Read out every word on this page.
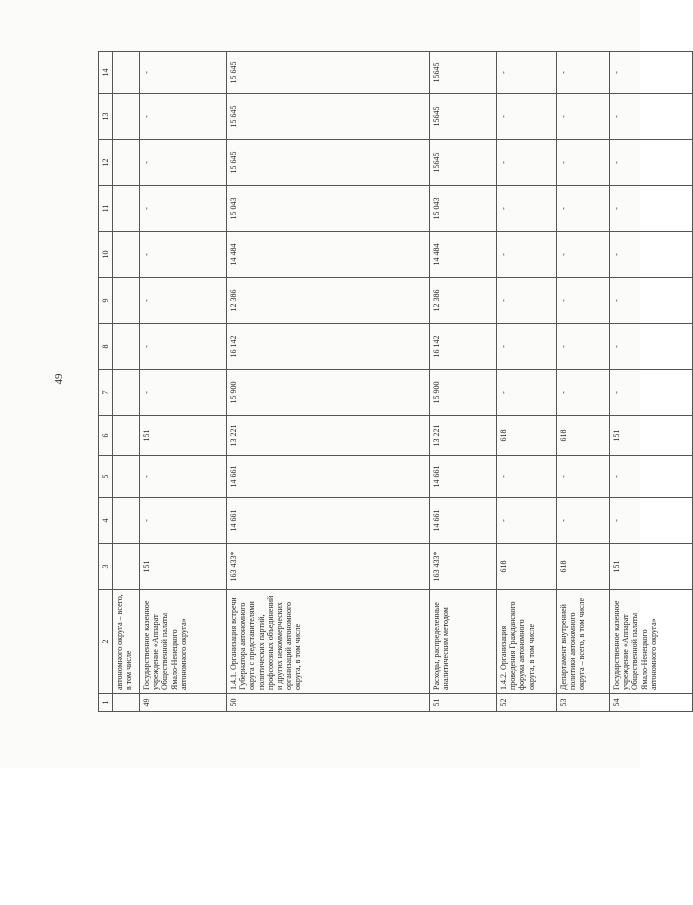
49
1	2	3	4	5	6	7	8	9	10	11	12	13	14
	автономного округа – всего, в том числе												
49	Государственное казенное учреждение «Аппарат Общественной палаты Ямало-Ненецкого автономного округа»	151	-	-	151	-	-	-	-	-	-	-	-
50	1.4.1. Организация встречи Губернатора автономного округа с представителями политических партий, профсоюзных объединений и других некоммерческих организаций автономного округа, в том числе	163 433*	14 661	14 661	13 221	15 900	16 142	12 386	14 484	15 043	15 645	15 645	15 645
51	Расходы, распределенные аналитическим методом	163 433*	14 661	14 661	13 221	15 900	16 142	12 386	14 484	15 043	15645	15645	15645
52	1.4.2. Организация проведения Гражданского форума автономного округа, в том числе	618	-	-	618	-	-	-	-	-	-	-	-
53	Департамент внутренней политики автономного округа – всего, в том числе	618	-	-	618	-	-	-	-	-	-	-	-
54	Государственное казенное учреждение «Аппарат Общественной палаты Ямало-Ненецкого автономного округа»	151	-	-	151	-	-	-	-	-	-	-	-
